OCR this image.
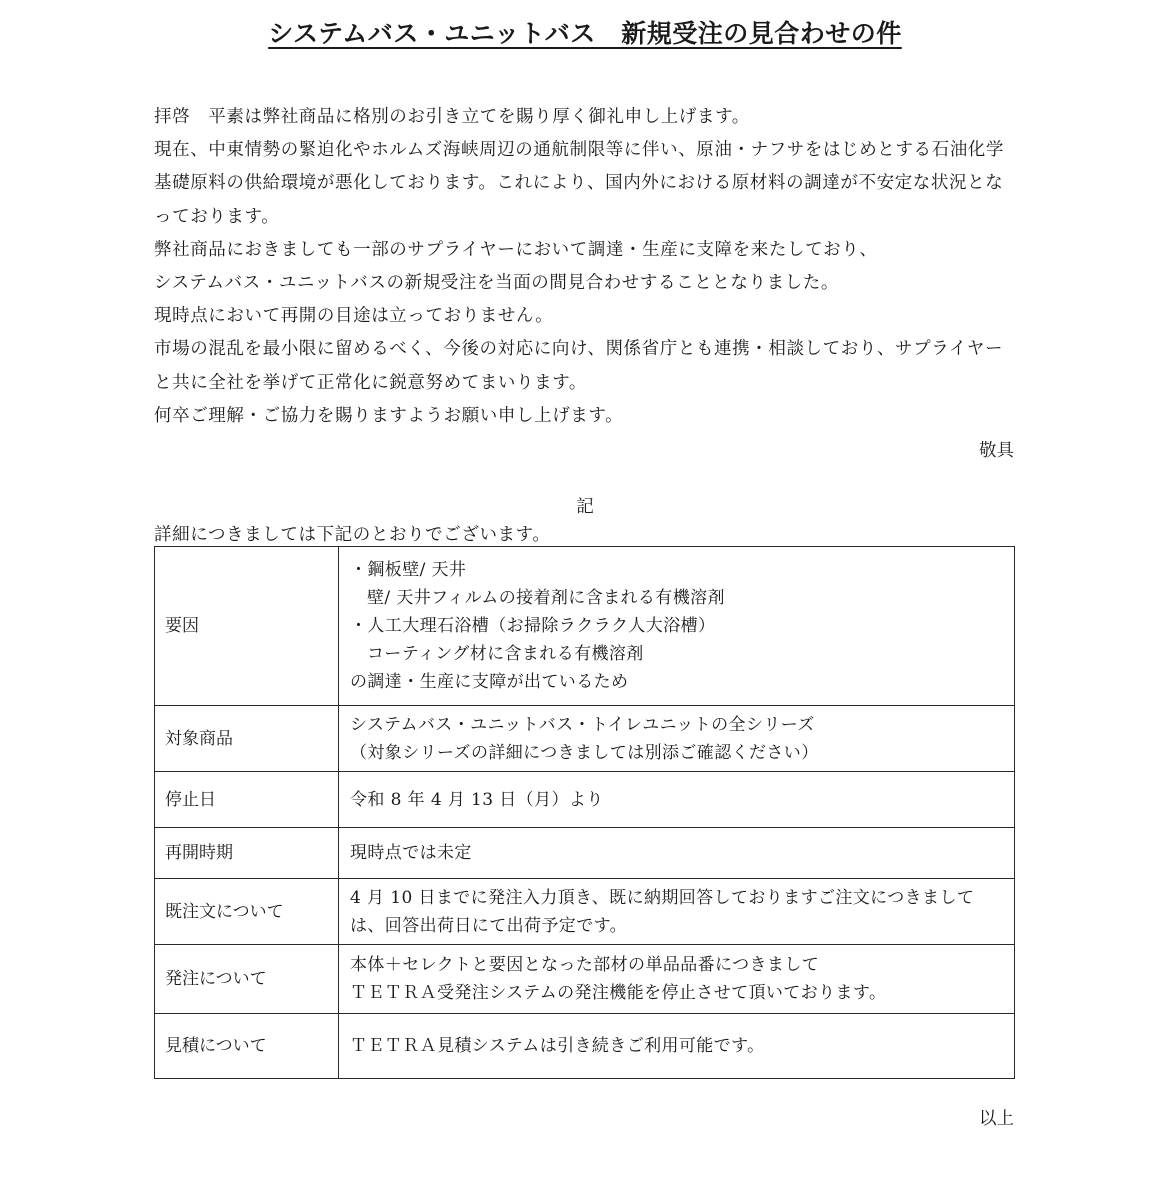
システムバス・ユニットバス　新規受注の見合わせの件

拝啓　平素は弊社商品に格別のお引き立てを賜り厚く御礼申し上げます。

現在、中東情勢の緊迫化やホルムズ海峡周辺の通航制限等に伴い、原油・ナフサをはじめとする石油化学

基礎原料の供給環境が悪化しております。これにより、国内外における原材料の調達が不安定な状況とな

っております。

弊社商品におきましても一部のサプライヤーにおいて調達・生産に支障を来たしており、

システムバス・ユニットバスの新規受注を当面の間見合わせすることとなりました。

現時点において再開の目途は立っておりません。

市場の混乱を最小限に留めるべく、今後の対応に向け、関係省庁とも連携・相談しており、サプライヤー

と共に全社を挙げて正常化に鋭意努めてまいります。

何卒ご理解・ご協力を賜りますようお願い申し上げます。

敬具
記
詳細につきましては下記のとおりでございます。
要因	・鋼板壁/ 天井
壁/ 天井フィルムの接着剤に含まれる有機溶剤
・人工大理石浴槽（お掃除ラクラク人大浴槽）
コーティング材に含まれる有機溶剤
の調達・生産に支障が出ているため

対象商品	システムバス・ユニットバス・トイレユニットの全シリーズ
（対象シリーズの詳細につきましては別添ご確認ください）

停止日	令和 8 年 4 月 13 日（月）より

再開時期	現時点では未定

既注文について	4 月 10 日までに発注入力頂き、既に納期回答しておりますご注文につきまして
は、回答出荷日にて出荷予定です。

発注について	本体＋セレクトと要因となった部材の単品品番につきまして
ＴＥＴＲＡ受発注システムの発注機能を停止させて頂いております。

見積について	ＴＥＴＲＡ見積システムは引き続きご利用可能です。
以上
